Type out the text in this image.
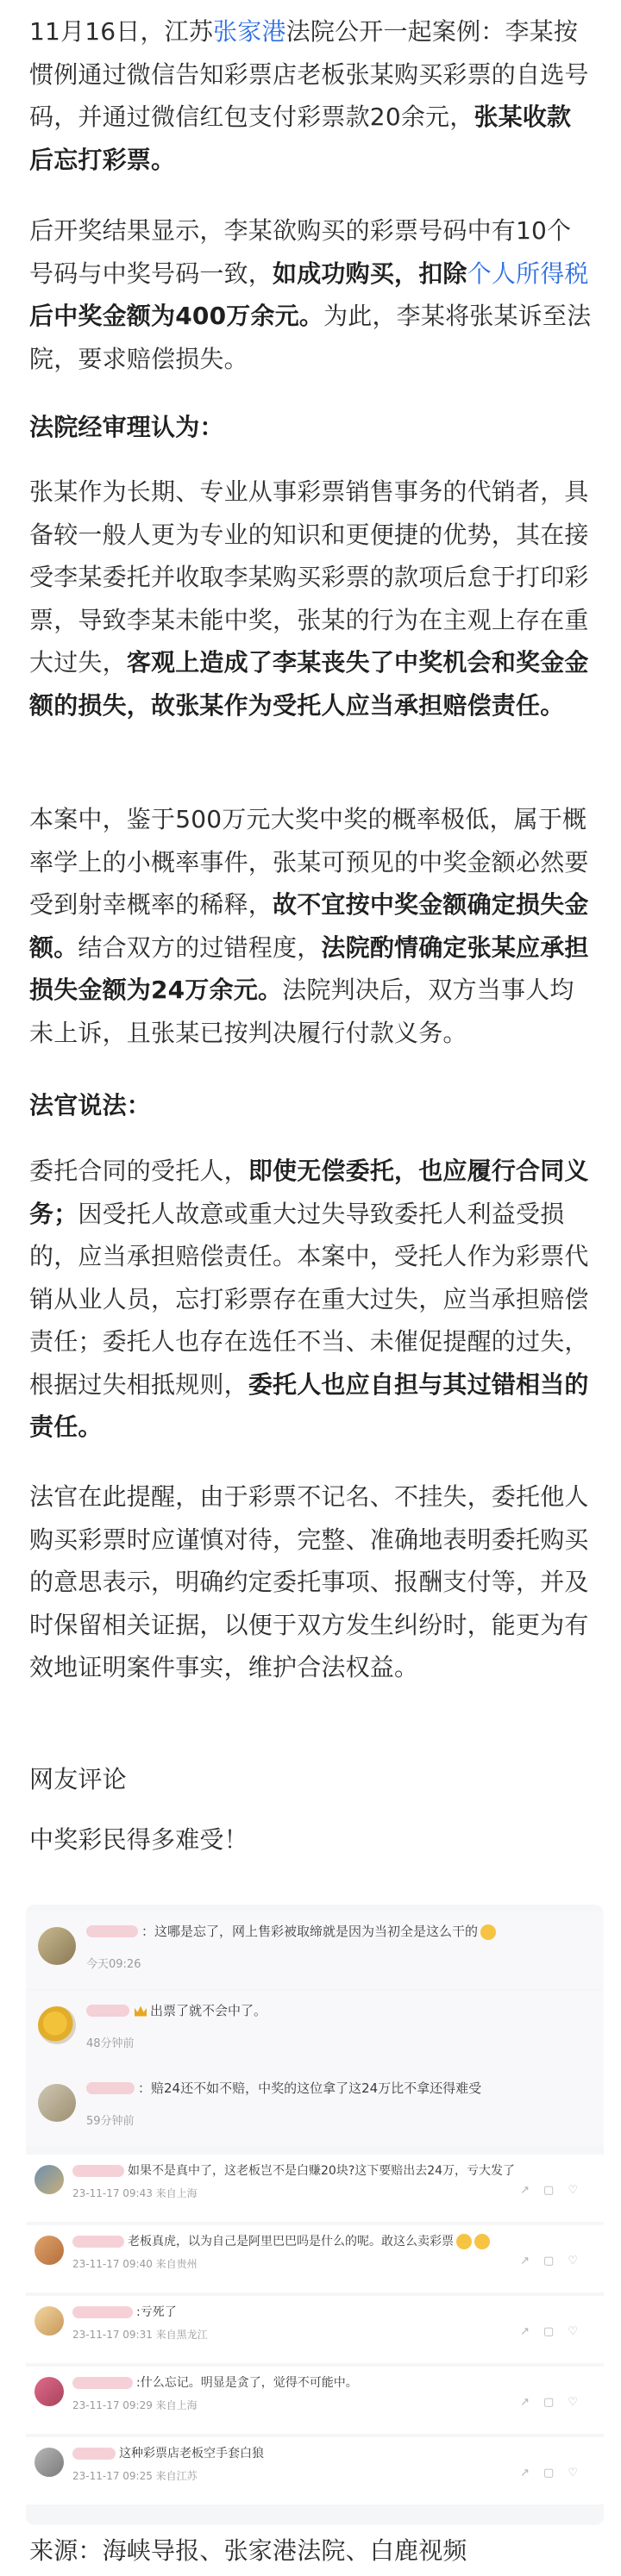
11月16日，江苏张家港法院公开一起案例：李某按惯例通过微信告知彩票店老板张某购买彩票的自选号码，并通过微信红包支付彩票款20余元，张某收款后忘打彩票。

后开奖结果显示，李某欲购买的彩票号码中有10个号码与中奖号码一致，如成功购买，扣除个人所得税后中奖金额为400万余元。为此，李某将张某诉至法院，要求赔偿损失。

法院经审理认为：

张某作为长期、专业从事彩票销售事务的代销者，具备较一般人更为专业的知识和更便捷的优势，其在接受李某委托并收取李某购买彩票的款项后怠于打印彩票，导致李某未能中奖，张某的行为在主观上存在重大过失，客观上造成了李某丧失了中奖机会和奖金金额的损失，故张某作为受托人应当承担赔偿责任。

本案中，鉴于500万元大奖中奖的概率极低，属于概率学上的小概率事件，张某可预见的中奖金额必然要受到射幸概率的稀释，故不宜按中奖金额确定损失金额。结合双方的过错程度，法院酌情确定张某应承担损失金额为24万余元。法院判决后，双方当事人均未上诉，且张某已按判决履行付款义务。

法官说法：

委托合同的受托人，即使无偿委托，也应履行合同义务；因受托人故意或重大过失导致委托人利益受损的，应当承担赔偿责任。本案中，受托人作为彩票代销从业人员，忘打彩票存在重大过失，应当承担赔偿责任；委托人也存在选任不当、未催促提醒的过失，根据过失相抵规则，委托人也应自担与其过错相当的责任。

法官在此提醒，由于彩票不记名、不挂失，委托他人购买彩票时应谨慎对待，完整、准确地表明委托购买的意思表示，明确约定委托事项、报酬支付等，并及时保留相关证据，以便于双方发生纠纷时，能更为有效地证明案件事实，维护合法权益。

网友评论

中奖彩民得多难受！

：这哪是忘了，网上售彩被取缔就是因为当初全是这么干的
今天09:26
出票了就不会中了。
48分钟前
：赔24还不如不赔，中奖的这位拿了这24万比不拿还得难受
59分钟前
如果不是真中了，这老板岂不是白赚20块?这下要赔出去24万，亏大发了
23-11-17 09:43 来自上海	↗▢♡
老板真虎，以为自己是阿里巴巴吗是什么的呢。敢这么卖彩票
23-11-17 09:40 来自贵州	↗▢♡
:亏死了
23-11-17 09:31 来自黑龙江	↗▢♡
:什么忘记。明显是贪了，觉得不可能中。
23-11-17 09:29 来自上海	↗▢♡
这种彩票店老板空手套白狼
23-11-17 09:25 来自江苏	↗▢♡

来源：海峡导报、张家港法院、白鹿视频
